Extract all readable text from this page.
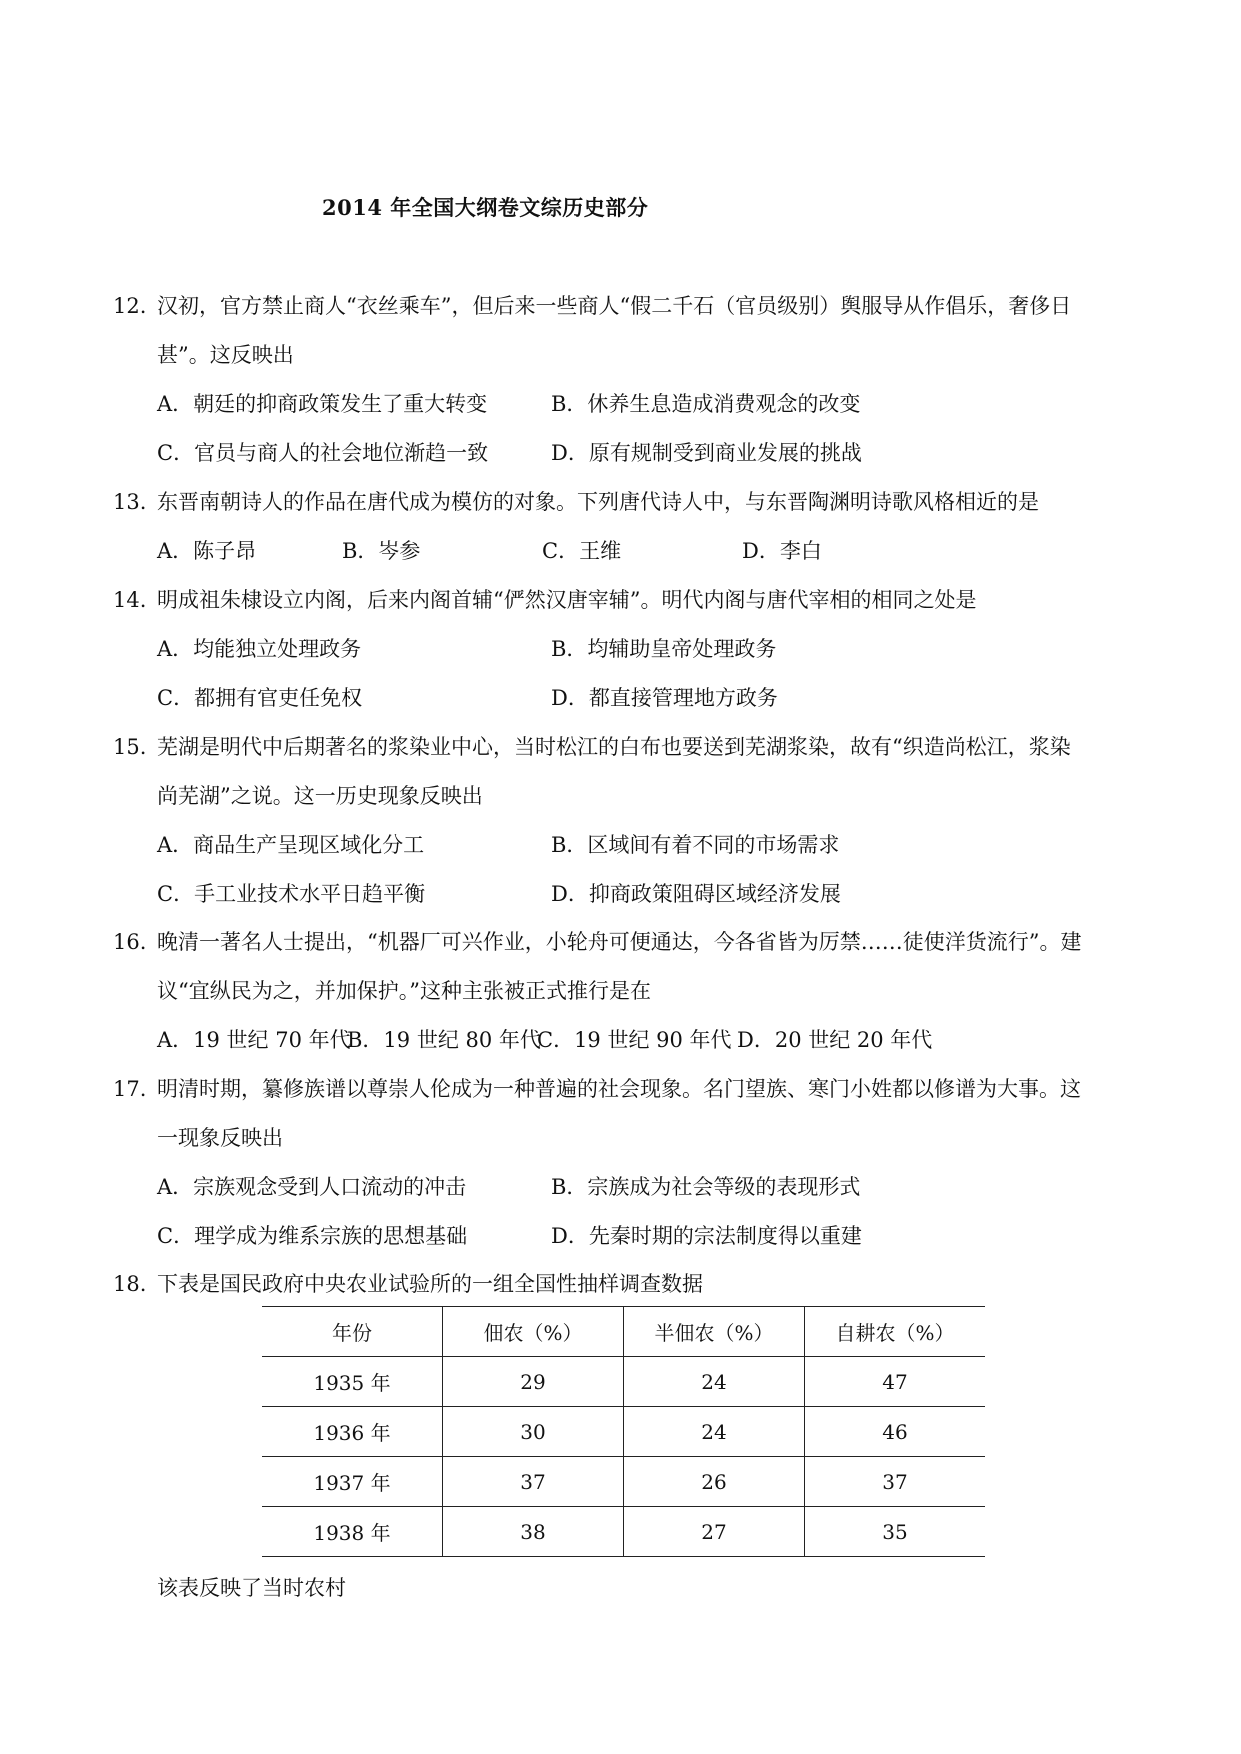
2014 年全国大纲卷文综历史部分
12. 汉初，官方禁止商人“衣丝乘车”，但后来一些商人“假二千石（官员级别）舆服导从作倡乐，奢侈日
甚”。这反映出
A．朝廷的抑商政策发生了重大转变	B．休养生息造成消费观念的改变
C．官员与商人的社会地位渐趋一致	D．原有规制受到商业发展的挑战
13. 东晋南朝诗人的作品在唐代成为模仿的对象。下列唐代诗人中，与东晋陶渊明诗歌风格相近的是
A．陈子昂	B．岑参	C．王维	D．李白
14. 明成祖朱棣设立内阁，后来内阁首辅“俨然汉唐宰辅”。明代内阁与唐代宰相的相同之处是
A．均能独立处理政务	B．均辅助皇帝处理政务
C．都拥有官吏任免权	D．都直接管理地方政务
15. 芜湖是明代中后期著名的浆染业中心，当时松江的白布也要送到芜湖浆染，故有“织造尚松江，浆染
尚芜湖”之说。这一历史现象反映出
A．商品生产呈现区域化分工	B．区域间有着不同的市场需求
C．手工业技术水平日趋平衡	D．抑商政策阻碍区域经济发展
16. 晚清一著名人士提出，“机器厂可兴作业，小轮舟可便通达，今各省皆为厉禁……徒使洋货流行”。建
议“宜纵民为之，并加保护。”这种主张被正式推行是在
A．19 世纪 70 年代
B．19 世纪 80 年代
C．19 世纪 90 年代 D．20 世纪 20 年代
17. 明清时期，纂修族谱以尊崇人伦成为一种普遍的社会现象。名门望族、寒门小姓都以修谱为大事。这
一现象反映出
A．宗族观念受到人口流动的冲击	B．宗族成为社会等级的表现形式
C．理学成为维系宗族的思想基础	D．先秦时期的宗法制度得以重建
18. 下表是国民政府中央农业试验所的一组全国性抽样调查数据
年份	佃农（%）	半佃农（%）	自耕农（%）
1935 年	29	24	47
1936 年	30	24	46
1937 年	37	26	37
1938 年	38	27	35
该表反映了当时农村
